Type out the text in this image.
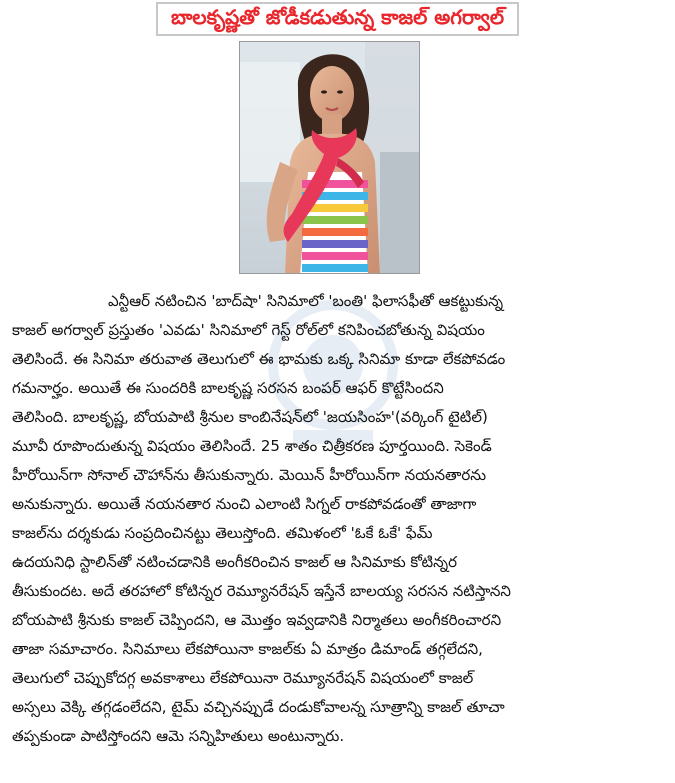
బాలకృష్ణతో జోడీకడుతున్న కాజల్ అగర్వాల్
ఎన్టీఆర్ నటించిన 'బాద్‌షా' సినిమాలో 'బంతి' ఫిలాసఫీతో ఆకట్టుకున్న
కాజల్ అగర్వాల్ ప్రస్తుతం 'ఎవడు' సినిమాలో గెస్ట్ రోల్‌లో కనిపించబోతున్న విషయం
తెలిసిందే. ఈ సినిమా తరువాత తెలుగులో ఈ భామకు ఒక్క సినిమా కూడా లేకపోవడం
గమనార్హం. అయితే ఈ సుందరికి బాలకృష్ణ సరసన బంపర్ ఆఫర్ కొట్టేసిందని
తెలిసింది. బాలకృష్ణ, బోయపాటి శ్రీనుల కాంబినేషన్‌లో 'జయసింహ'(వర్కింగ్ టైటిల్)
మూవీ రూపొందుతున్న విషయం తెలిసిందే. 25 శాతం చిత్రీకరణ పూర్తయింది. సెకెండ్
హీరోయిన్‌గా సోనాల్ చౌహాన్‌ను తీసుకున్నారు. మెయిన్ హీరోయిన్‌గా నయనతారను
అనుకున్నారు. అయితే నయనతార నుంచి ఎలాంటి సిగ్నల్ రాకపోవడంతో తాజాగా
కాజల్‌ను దర్శకుడు సంప్రదించినట్టు తెలుస్తోంది. తమిళంలో 'ఓకే ఓకే' ఫేమ్
ఉదయనిధి స్టాలిన్‌తో నటించడానికి అంగీకరించిన కాజల్ ఆ సినిమాకు కోటిన్నర
తీసుకుందట. అదే తరహాలో కోటిన్నర రెమ్యూనరేషన్ ఇస్తేనే బాలయ్య సరసన నటిస్తానని
బోయపాటి శ్రీనుకు కాజల్ చెప్పిందని, ఆ మొత్తం ఇవ్వడానికి నిర్మాతలు అంగీకరించారని
తాజా సమాచారం. సినిమాలు లేకపోయినా కాజల్‌కు ఏ మాత్రం డిమాండ్ తగ్గలేదని,
తెలుగులో చెప్పుకోదగ్గ అవకాశాలు లేకపోయినా రెమ్యూనరేషన్ విషయంలో కాజల్
అస్సలు వెక్కి తగ్గడంలేదని, టైమ్ వచ్చినప్పుడే దండుకోవాలన్న సూత్రాన్ని కాజల్ తూచా
తప్పకుండా పాటిస్తోందని ఆమె సన్నిహితులు అంటున్నారు.
